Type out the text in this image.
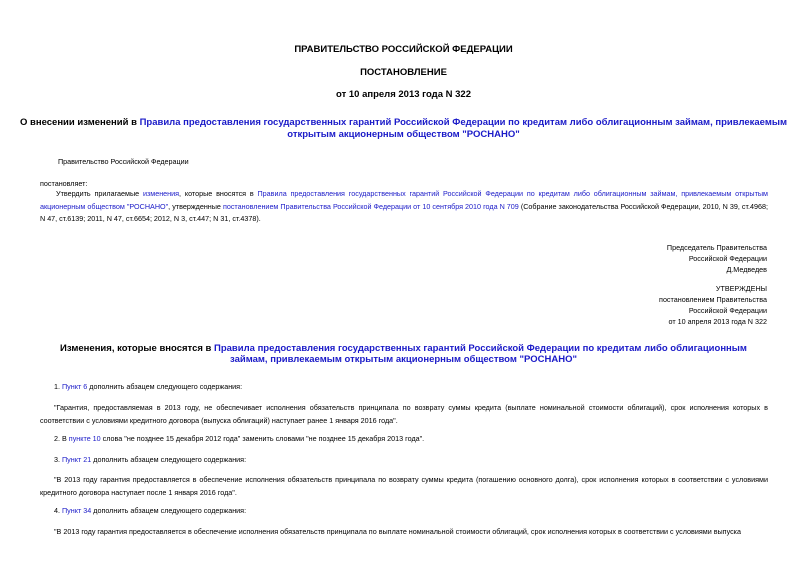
ПРАВИТЕЛЬСТВО РОССИЙСКОЙ ФЕДЕРАЦИИ
ПОСТАНОВЛЕНИЕ
от 10 апреля 2013 года N 322
О внесении изменений в Правила предоставления государственных гарантий Российской Федерации по кредитам либо облигационным займам, привлекаемым открытым акционерным обществом "РОСНАНО"
Правительство Российской Федерации
постановляет:
Утвердить прилагаемые изменения, которые вносятся в Правила предоставления государственных гарантий Российской Федерации по кредитам либо облигационным займам, привлекаемым открытым акционерным обществом "РОСНАНО", утвержденные постановлением Правительства Российской Федерации от 10 сентября 2010 года N 709 (Собрание законодательства Российской Федерации, 2010, N 39, ст.4968; N 47, ст.6139; 2011, N 47, ст.6654; 2012, N 3, ст.447; N 31, ст.4378).
Председатель Правительства
Российской Федерации
Д.Медведев
УТВЕРЖДЕНЫ
постановлением Правительства
Российской Федерации
от 10 апреля 2013 года N 322
Изменения, которые вносятся в Правила предоставления государственных гарантий Российской Федерации по кредитам либо облигационным займам, привлекаемым открытым акционерным обществом "РОСНАНО"
1. Пункт 6 дополнить абзацем следующего содержания:
"Гарантия, предоставляемая в 2013 году, не обеспечивает исполнения обязательств принципала по возврату суммы кредита (выплате номинальной стоимости облигаций), срок исполнения которых в соответствии с условиями кредитного договора (выпуска облигаций) наступает ранее 1 января 2016 года".
2. В пункте 10 слова "не позднее 15 декабря 2012 года" заменить словами "не позднее 15 декабря 2013 года".
3. Пункт 21 дополнить абзацем следующего содержания:
"В 2013 году гарантия предоставляется в обеспечение исполнения обязательств принципала по возврату суммы кредита (погашению основного долга), срок исполнения которых в соответствии с условиями кредитного договора наступает после 1 января 2016 года".
4. Пункт 34 дополнить абзацем следующего содержания:
"В 2013 году гарантия предоставляется в обеспечение исполнения обязательств принципала по выплате номинальной стоимости облигаций, срок исполнения которых в соответствии с условиями выпуска
